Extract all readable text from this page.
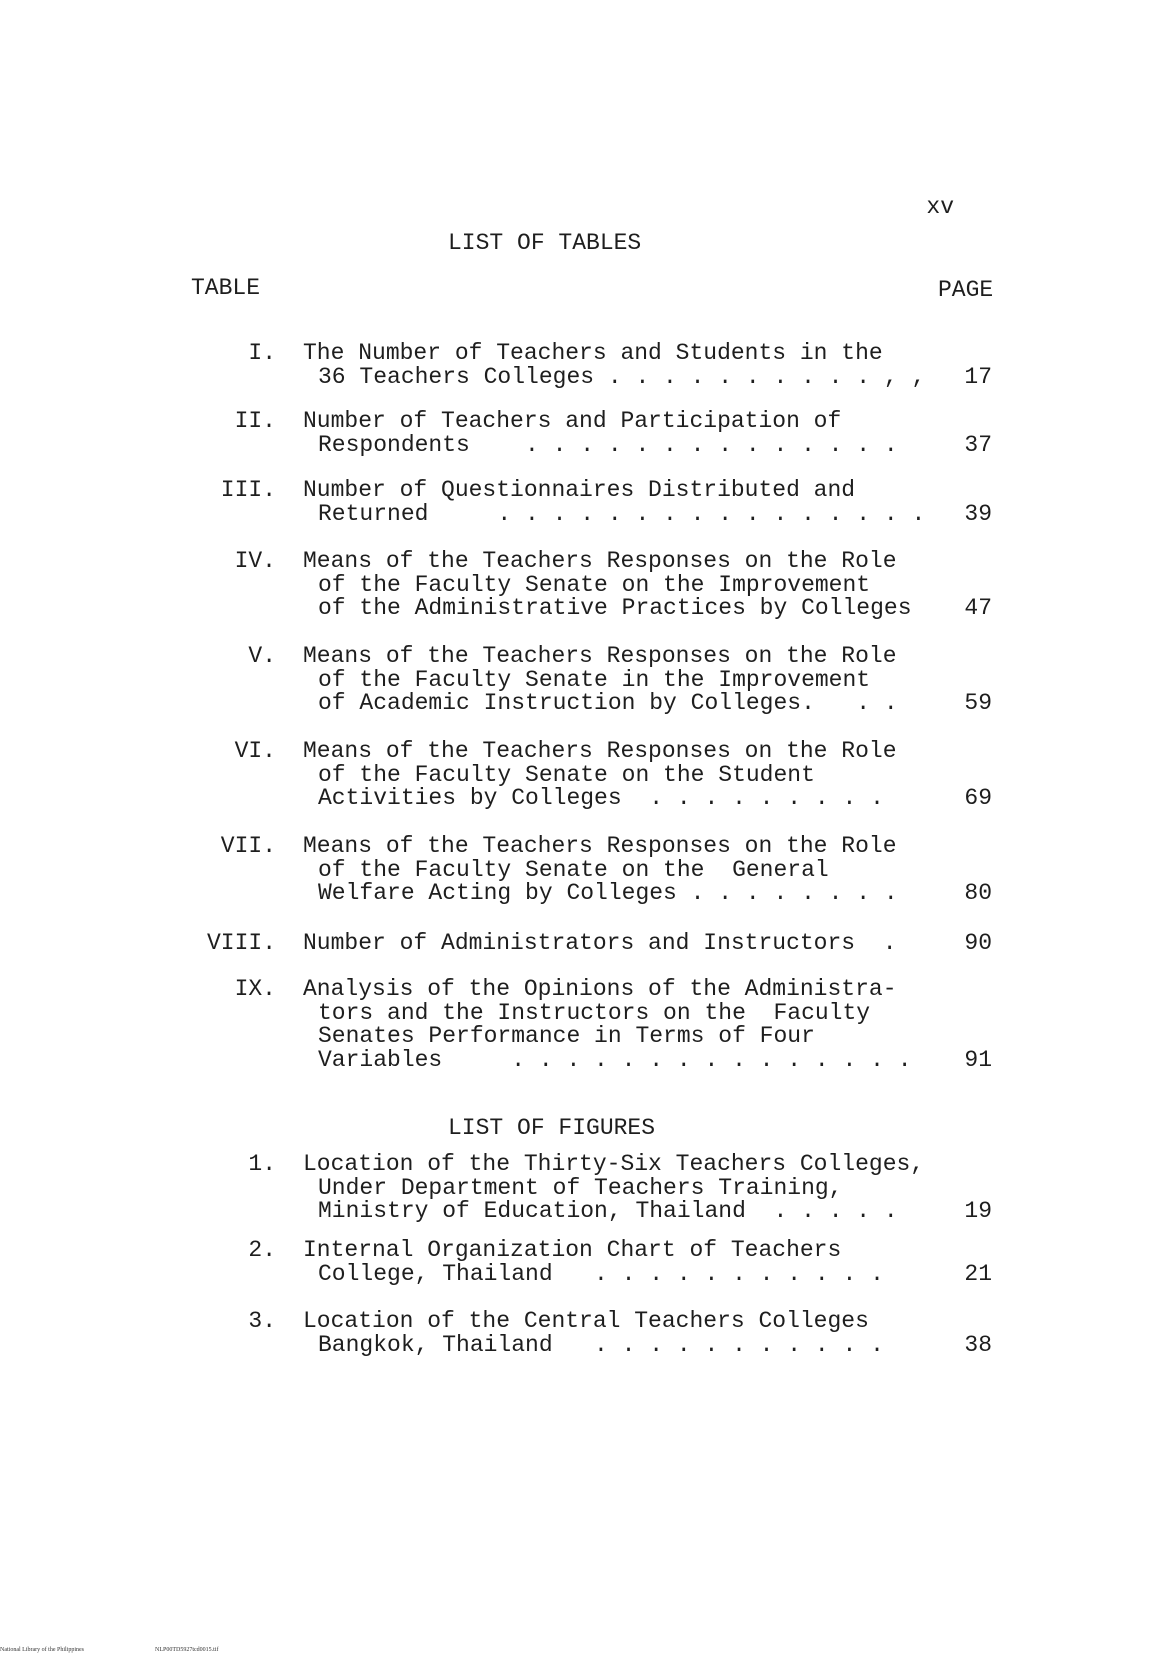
xv
LIST OF TABLES
TABLE	PAGE
LIST OF FIGURES
I. The Number of Teachers and Students in the
36 Teachers Colleges . . . . . . . . . . , , 17
II. Number of Teachers and Participation of
Respondents    . . . . . . . . . . . . . .	37
III. Number of Questionnaires Distributed and
Returned     . . . . . . . . . . . . . . . . 39
IV. Means of the Teachers Responses on the Role
of the Faculty Senate on the Improvement
of the Administrative Practices by Colleges 47
V. Means of the Teachers Responses on the Role
of the Faculty Senate in the Improvement
of Academic Instruction by Colleges.   . .	59
VI. Means of the Teachers Responses on the Role
of the Faculty Senate on the Student
Activities by Colleges  . . . . . . . . .	69
VII. Means of the Teachers Responses on the Role
of the Faculty Senate on the  General
Welfare Acting by Colleges . . . . . . . .	80
VIII. Number of Administrators and Instructors  .	90
IX. Analysis of the Opinions of the Administra-
tors and the Instructors on the  Faculty
Senates Performance in Terms of Four
Variables     . . . . . . . . . . . . . . . 91
1. Location of the Thirty-Six Teachers Colleges,
Under Department of Teachers Training,
Ministry of Education, Thailand  . . . . .	19
2. Internal Organization Chart of Teachers
College, Thailand   . . . . . . . . . . .	21
3. Location of the Central Teachers Colleges
Bangkok, Thailand   . . . . . . . . . . .	38
National Library of the Philippines	NLP00TD5927tcd0015.tif
